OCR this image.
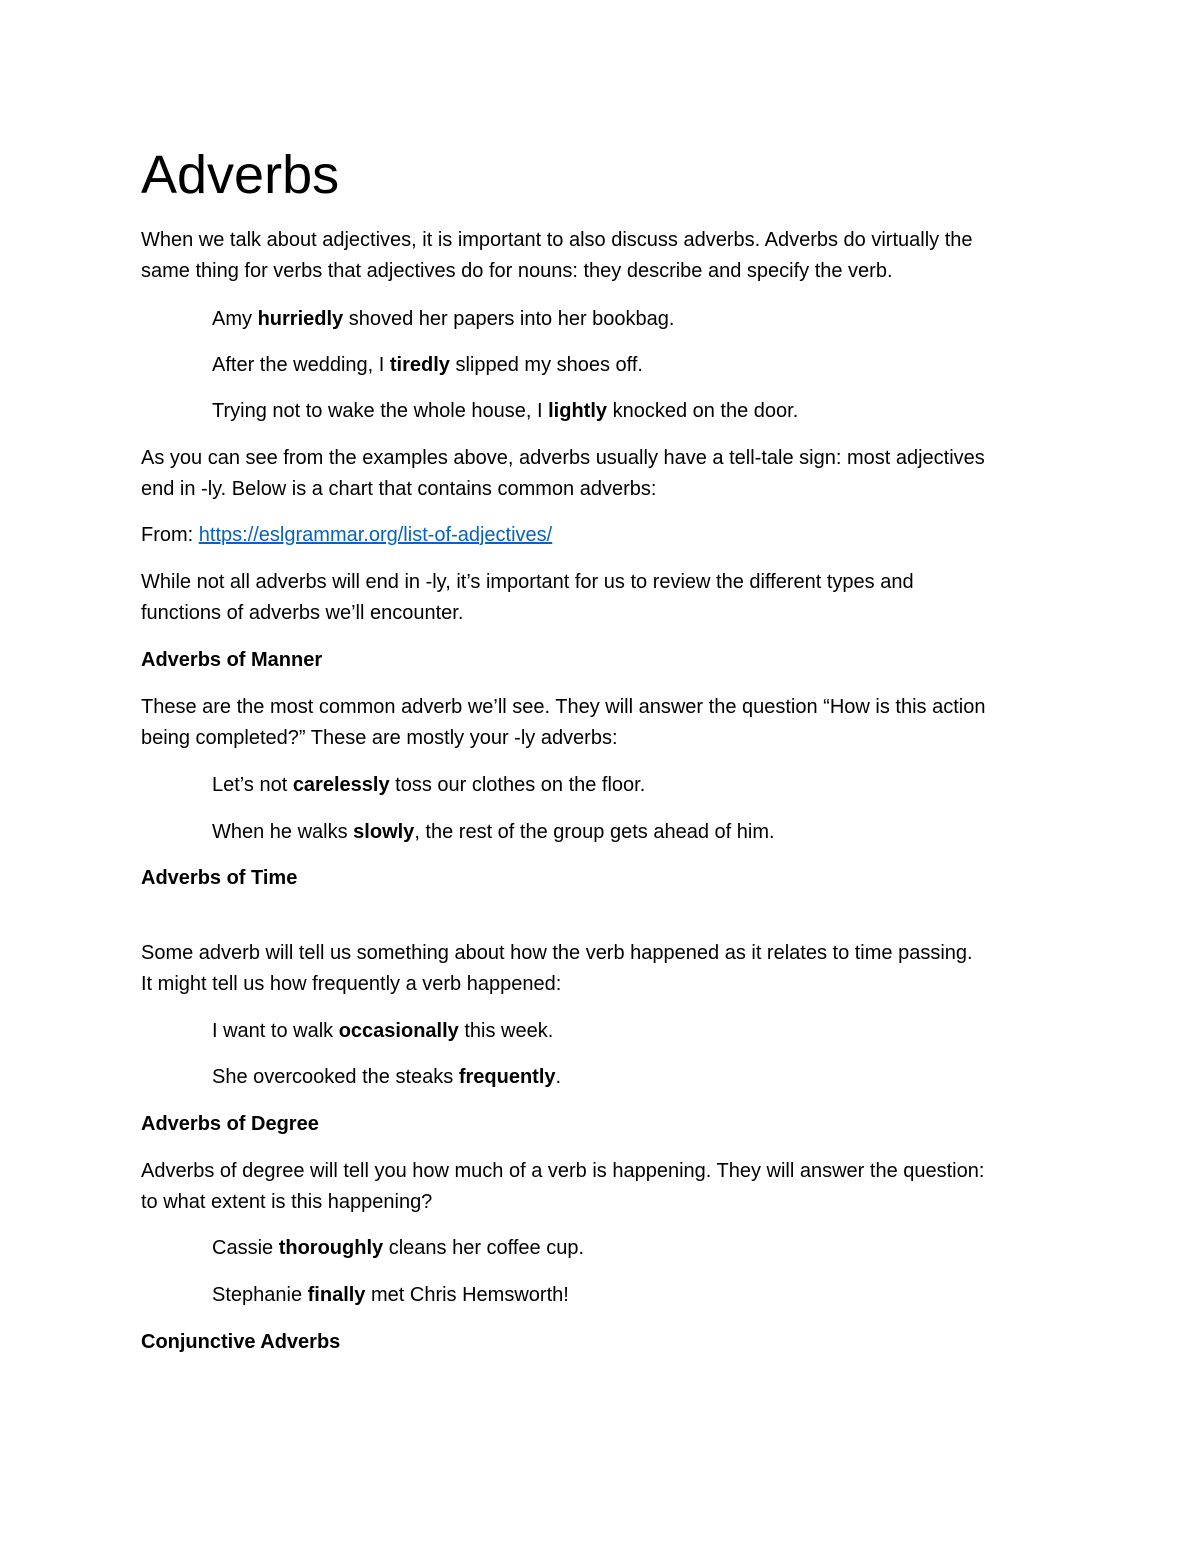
Adverbs

When we talk about adjectives, it is important to also discuss adverbs. Adverbs do virtually the

same thing for verbs that adjectives do for nouns: they describe and specify the verb.

Amy hurriedly shoved her papers into her bookbag.

After the wedding, I tiredly slipped my shoes off.

Trying not to wake the whole house, I lightly knocked on the door.

As you can see from the examples above, adverbs usually have a tell-tale sign: most adjectives

end in -ly. Below is a chart that contains common adverbs:

From: https://eslgrammar.org/list-of-adjectives/

While not all adverbs will end in -ly, it’s important for us to review the different types and

functions of adverbs we’ll encounter.

Adverbs of Manner

These are the most common adverb we’ll see. They will answer the question “How is this action

being completed?” These are mostly your -ly adverbs:

Let’s not carelessly toss our clothes on the floor.

When he walks slowly, the rest of the group gets ahead of him.

Adverbs of Time

Some adverb will tell us something about how the verb happened as it relates to time passing.

It might tell us how frequently a verb happened:

I want to walk occasionally this week.

She overcooked the steaks frequently.

Adverbs of Degree

Adverbs of degree will tell you how much of a verb is happening. They will answer the question:

to what extent is this happening?

Cassie thoroughly cleans her coffee cup.

Stephanie finally met Chris Hemsworth!

Conjunctive Adverbs
